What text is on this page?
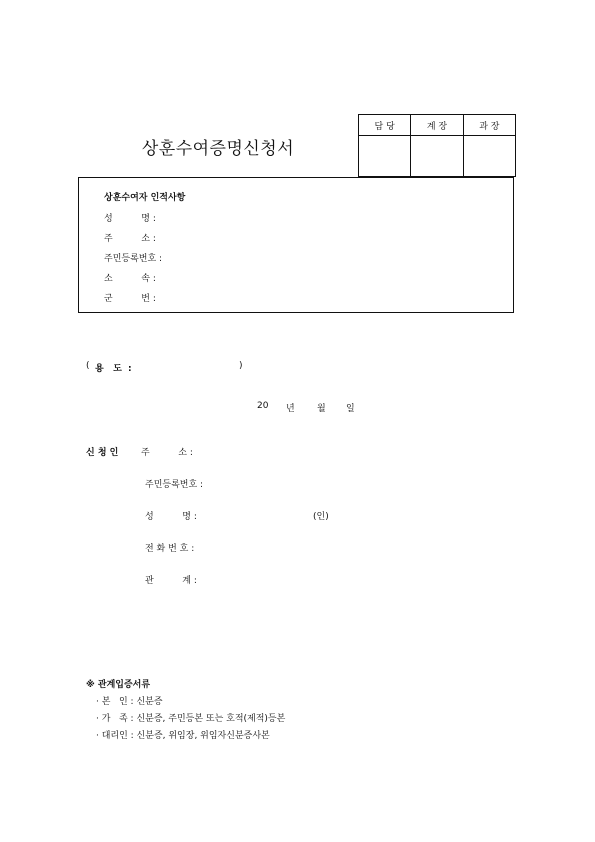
상훈수여증명신청서
담 당	계 장	과 장

상훈수여자 인적사항
성          명 :
주          소 :
주민등록번호 :
소          속 :
군          번 :
( 용   도  :	)
20 년 월 일
신 청 인	주          소 :
주민등록번호 :
성          명 :	(인)
전 화 번 호 :
관          계 :
※ 관계입증서류
· 본   인 : 신분증
· 가   족 : 신분증, 주민등본 또는 호적(제적)등본
· 대리인 : 신분증, 위임장, 위임자신분증사본
